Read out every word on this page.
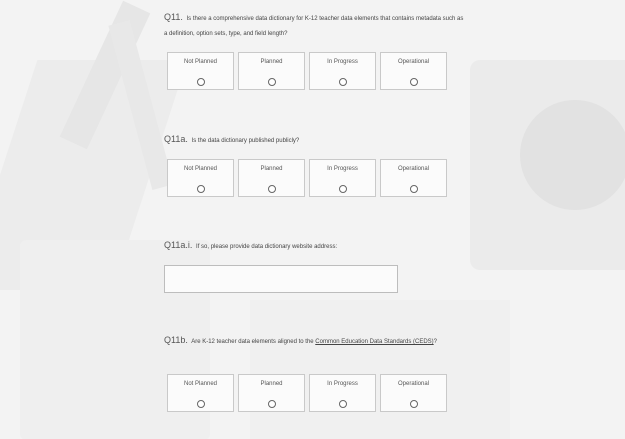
Q11. Is there a comprehensive data dictionary for K-12 teacher data elements that contains metadata such as a definition, option sets, type, and field length?
Not Planned	Planned	In Progress	Operational
Q11a. Is the data dictionary published publicly?
Not Planned	Planned	In Progress	Operational
Q11a.i. If so, please provide data dictionary website address:
Q11b. Are K-12 teacher data elements aligned to the Common Education Data Standards (CEDS)?
Not Planned	Planned	In Progress	Operational
